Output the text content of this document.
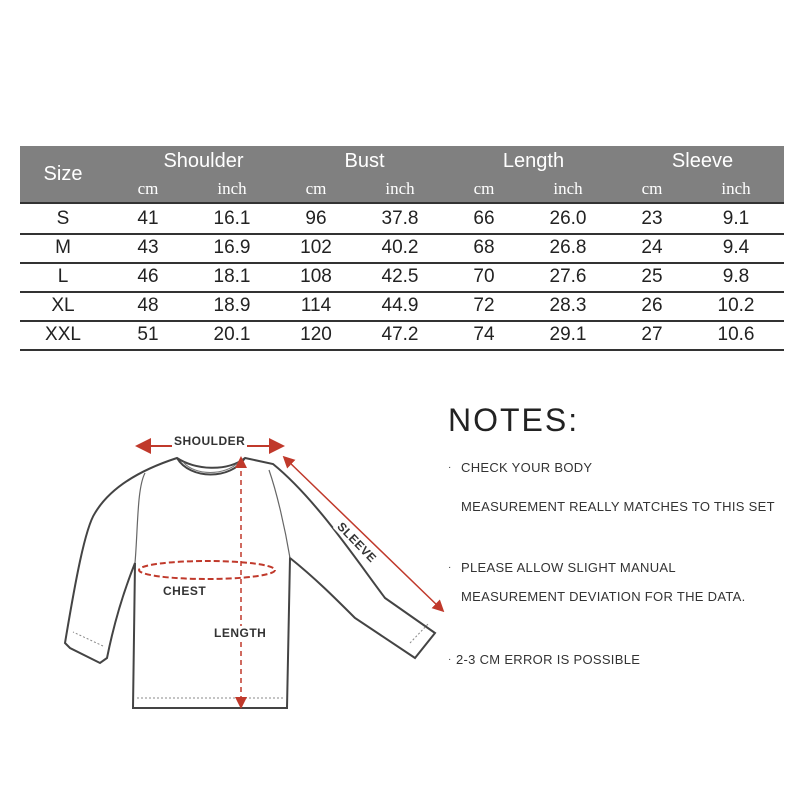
Size
Shoulder	Bust	Length	Sleeve
cm	inch	cm	inch	cm	inch	cm	inch
S	41	16.1	96	37.8	66	26.0	23	9.1
M	43	16.9	102	40.2	68	26.8	24	9.4
L	46	18.1	108	42.5	70	27.6	25	9.8
XL	48	18.9	114	44.9	72	28.3	26	10.2
XXL	51	20.1	120	47.2	74	29.1	27	10.6
SHOULDER
CHEST
LENGTH
SLEEVE
NOTES:
· CHECK YOUR BODY
MEASUREMENT REALLY MATCHES TO THIS SET
· PLEASE ALLOW SLIGHT MANUAL
MEASUREMENT DEVIATION FOR THE DATA.
· 2-3 CM ERROR IS POSSIBLE
